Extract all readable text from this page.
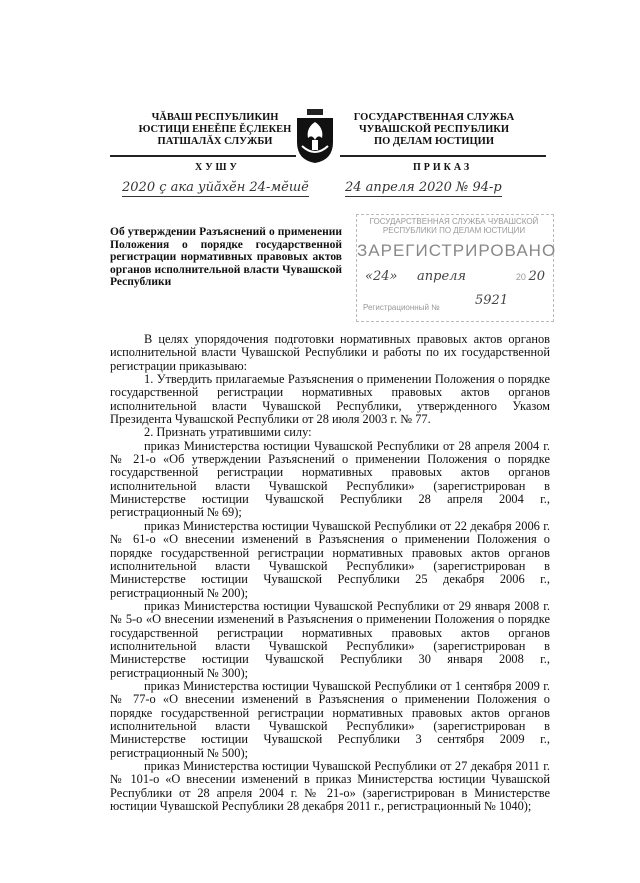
ЧĂВАШ РЕСПУБЛИКИН
ЮСТИЦИ ЕНЕĚПЕ ĚÇЛЕКЕН
ПАТШАЛĂХ СЛУЖБИ
ГОСУДАРСТВЕННАЯ СЛУЖБА
ЧУВАШСКОЙ РЕСПУБЛИКИ
ПО ДЕЛАМ ЮСТИЦИИ
ХУШУ	ПРИКАЗ
2020 ç ака уйӑхĕн 24-мĕшĕ	24 апреля 2020 № 94-р
Об утверждении Разъяснений о применении Положения о порядке государственной регистрации нормативных правовых актов органов исполнительной власти Чувашской Республики
ГОСУДАРСТВЕННАЯ СЛУЖБА ЧУВАШСКОЙ РЕСПУБЛИКИ ПО ДЕЛАМ ЮСТИЦИИ
ЗАРЕГИСТРИРОВАНО
«24» апреля	20 20
Регистрационный №	5921

В целях упорядочения подготовки нормативных правовых актов органов исполнительной власти Чувашской Республики и работы по их государственной регистрации приказываю:

1. Утвердить прилагаемые Разъяснения о применении Положения о порядке государственной регистрации нормативных правовых актов органов исполнительной власти Чувашской Республики, утвержденного Указом Президента Чувашской Республики от 28 июля 2003 г. № 77.

2. Признать утратившими силу:

приказ Министерства юстиции Чувашской Республики от 28 апреля 2004 г. № 21-о «Об утверждении Разъяснений о применении Положения о порядке государственной регистрации нормативных правовых актов органов исполнительной власти Чувашской Республики» (зарегистрирован в Министерстве юстиции Чувашской Республики 28 апреля 2004 г., регистрационный № 69);

приказ Министерства юстиции Чувашской Республики от 22 декабря 2006 г. № 61-о «О внесении изменений в Разъяснения о применении Положения о порядке государственной регистрации нормативных правовых актов органов исполнительной власти Чувашской Республики» (зарегистрирован в Министерстве юстиции Чувашской Республики 25 декабря 2006 г., регистрационный № 200);

приказ Министерства юстиции Чувашской Республики от 29 января 2008 г. № 5-о «О внесении изменений в Разъяснения о применении Положения о порядке государственной регистрации нормативных правовых актов органов исполнительной власти Чувашской Республики» (зарегистрирован в Министерстве юстиции Чувашской Республики 30 января 2008 г., регистрационный № 300);

приказ Министерства юстиции Чувашской Республики от 1 сентября 2009 г. № 77-о «О внесении изменений в Разъяснения о применении Положения о порядке государственной регистрации нормативных правовых актов органов исполнительной власти Чувашской Республики» (зарегистрирован в Министерстве юстиции Чувашской Республики 3 сентября 2009 г., регистрационный № 500);

приказ Министерства юстиции Чувашской Республики от 27 декабря 2011 г. № 101-о «О внесении изменений в приказ Министерства юстиции Чувашской Республики от 28 апреля 2004 г. № 21-о» (зарегистрирован в Министерстве юстиции Чувашской Республики 28 декабря 2011 г., регистрационный № 1040);
